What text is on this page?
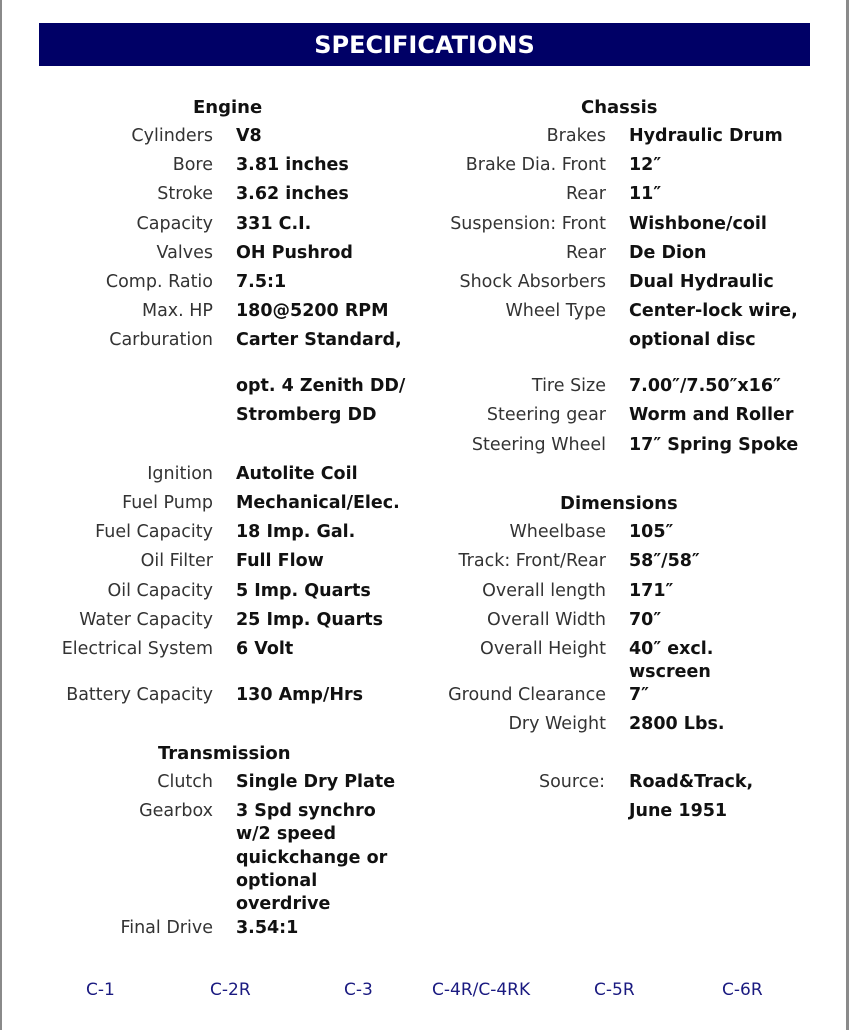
SPECIFICATIONS
Engine
Cylinders V8
Bore 3.81 inches
Stroke 3.62 inches
Capacity 331 C.I.
Valves OH Pushrod
Comp. Ratio 7.5:1
Max. HP 180@5200 RPM
Carburation Carter Standard,
opt. 4 Zenith DD/
Stromberg DD
Ignition Autolite Coil
Fuel Pump Mechanical/Elec.
Fuel Capacity 18 Imp. Gal.
Oil Filter Full Flow
Oil Capacity 5 Imp. Quarts
Water Capacity 25 Imp. Quarts
Electrical System 6 Volt
Battery Capacity 130 Amp/Hrs
Transmission
Clutch Single Dry Plate
Gearbox 3 Spd synchro
w/2 speed
quickchange or
optional
overdrive
Final Drive 3.54:1
Chassis
Brakes Hydraulic Drum
Brake Dia. Front 12″
Rear 11″
Suspension: Front Wishbone/coil
Rear De Dion
Shock Absorbers Dual Hydraulic
Wheel Type Center-lock wire,
optional disc
Tire Size 7.00″/7.50″x16″
Steering gear Worm and Roller
Steering Wheel 17″ Spring Spoke
Dimensions
Wheelbase 105″
Track: Front/Rear 58″/58″
Overall length 171″
Overall Width 70″
Overall Height 40″ excl.
wscreen
Ground Clearance 7″
Dry Weight 2800 Lbs.
Source: Road&Track,
June 1951
C-1	C-2R	C-3	C-4R/C-4RK	C-5R	C-6R
